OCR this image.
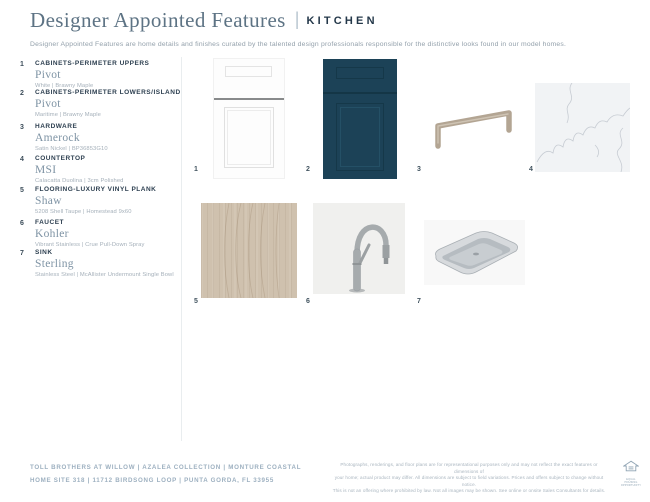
Designer Appointed Features | KITCHEN
Designer Appointed Features are home details and finishes curated by the talented design professionals responsible for the distinctive looks found in our model homes.
1	CABINETS-PERIMETER UPPERS
Pivot
White | Brawny Maple
2	CABINETS-PERIMETER LOWERS/ISLAND
Pivot
Maritime | Brawny Maple
3	HARDWARE
Amerock
Satin Nickel | BP36853G10
4	COUNTERTOP
MSI
Calacatta Duolina | 3cm Polished
5	FLOORING-LUXURY VINYL PLANK
Shaw
5208 Shell Taupe | Homestead 9x60
6	FAUCET
Kohler
Vibrant Stainless | Crue Pull-Down Spray
7	SINK
Sterling
Stainless Steel | McAllister Undermount Single Bowl
1	2	3	4
5	6	7
TOLL BROTHERS AT WILLOW | AZALEA COLLECTION | MONTURE COASTAL
HOME SITE 318 | 11712 BIRDSONG LOOP | PUNTA GORDA, FL 33955
Photographs, renderings, and floor plans are for representational purposes only and may not reflect the exact features or dimensions of
your home; actual product may differ. All dimensions are subject to field variations. Prices and offers subject to change without notice.
This is not an offering where prohibited by law. Not all images may be shown. See online or onsite Sales Consultants for details.
EQUAL HOUSING OPPORTUNITY
